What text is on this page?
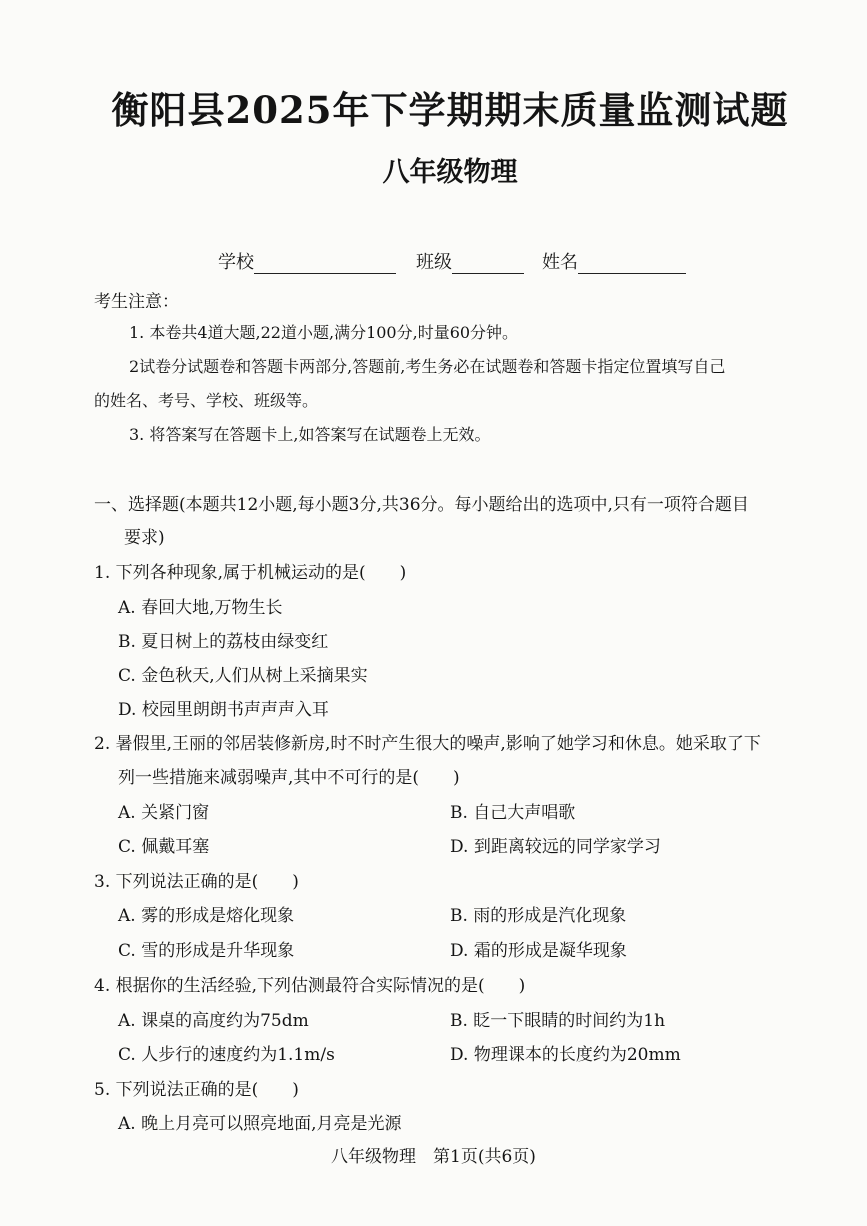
衡阳县2025年下学期期末质量监测试题
八年级物理
学校	班级	姓名
考生注意：
1. 本卷共4道大题,22道小题,满分100分,时量60分钟。
2试卷分试题卷和答题卡两部分,答题前,考生务必在试题卷和答题卡指定位置填写自己
的姓名、考号、学校、班级等。
3. 将答案写在答题卡上,如答案写在试题卷上无效。
一、选择题(本题共12小题,每小题3分,共36分。每小题给出的选项中,只有一项符合题目
要求)
1. 下列各种现象,属于机械运动的是(　　)
A. 春回大地,万物生长
B. 夏日树上的荔枝由绿变红
C. 金色秋天,人们从树上采摘果实
D. 校园里朗朗书声声声入耳
2. 暑假里,王丽的邻居装修新房,时不时产生很大的噪声,影响了她学习和休息。她采取了下
列一些措施来减弱噪声,其中不可行的是(　　)
A. 关紧门窗	B. 自己大声唱歌
C. 佩戴耳塞	D. 到距离较远的同学家学习
3. 下列说法正确的是(　　)
A. 雾的形成是熔化现象	B. 雨的形成是汽化现象
C. 雪的形成是升华现象	D. 霜的形成是凝华现象
4. 根据你的生活经验,下列估测最符合实际情况的是(　　)
A. 课桌的高度约为75dm	B. 眨一下眼睛的时间约为1h
C. 人步行的速度约为1.1m/s	D. 物理课本的长度约为20mm
5. 下列说法正确的是(　　)
A. 晚上月亮可以照亮地面,月亮是光源
八年级物理　第1页(共6页)
